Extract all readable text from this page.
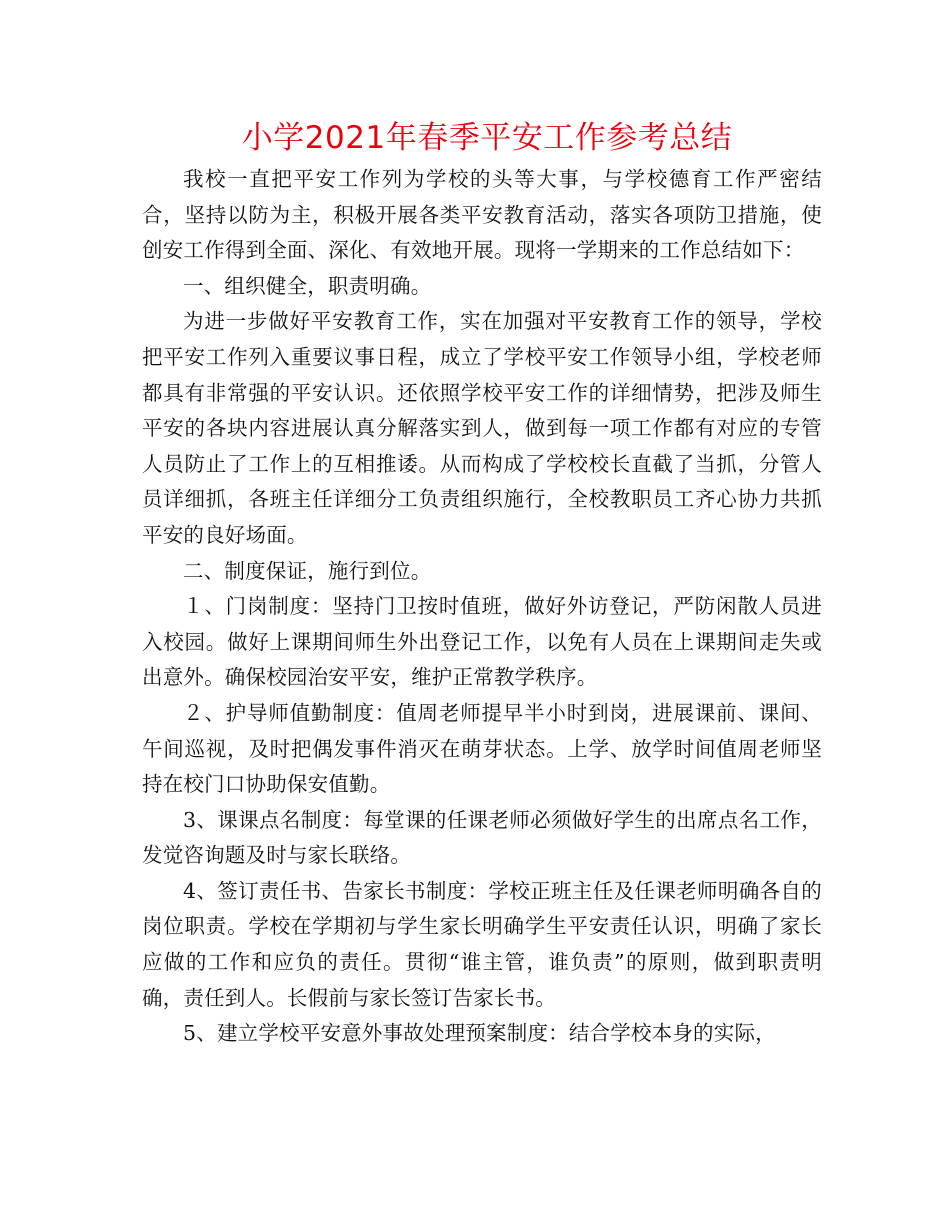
小学2021年春季平安工作参考总结

我校一直把平安工作列为学校的头等大事，与学校德育工作严密结合，坚持以防为主，积极开展各类平安教育活动，落实各项防卫措施，使创安工作得到全面、深化、有效地开展。现将一学期来的工作总结如下：

一、组织健全，职责明确。

为进一步做好平安教育工作，实在加强对平安教育工作的领导，学校把平安工作列入重要议事日程，成立了学校平安工作领导小组，学校老师都具有非常强的平安认识。还依照学校平安工作的详细情势，把涉及师生平安的各块内容进展认真分解落实到人，做到每一项工作都有对应的专管人员防止了工作上的互相推诿。从而构成了学校校长直截了当抓，分管人员详细抓，各班主任详细分工负责组织施行，全校教职员工齐心协力共抓平安的良好场面。

二、制度保证，施行到位。

１、门岗制度：坚持门卫按时值班，做好外访登记，严防闲散人员进入校园。做好上课期间师生外出登记工作，以免有人员在上课期间走失或出意外。确保校园治安平安，维护正常教学秩序。

２、护导师值勤制度：值周老师提早半小时到岗，进展课前、课间、午间巡视，及时把偶发事件消灭在萌芽状态。上学、放学时间值周老师坚持在校门口协助保安值勤。

3、课课点名制度：每堂课的任课老师必须做好学生的出席点名工作，发觉咨询题及时与家长联络。

4、签订责任书、告家长书制度：学校正班主任及任课老师明确各自的岗位职责。学校在学期初与学生家长明确学生平安责任认识，明确了家长应做的工作和应负的责任。贯彻“谁主管，谁负责”的原则，做到职责明确，责任到人。长假前与家长签订告家长书。

5、建立学校平安意外事故处理预案制度：结合学校本身的实际，
